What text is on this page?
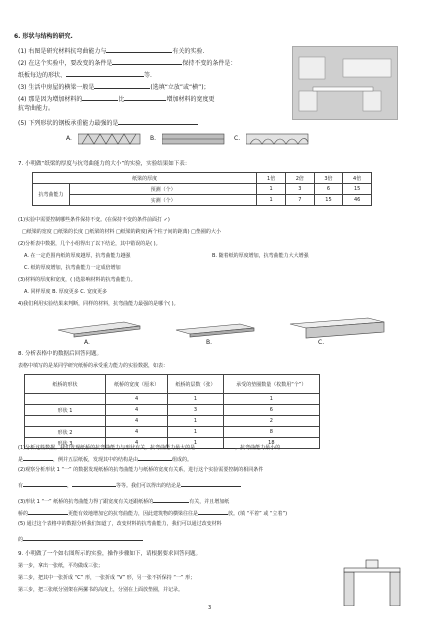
6. 形状与结构的研究.
(1) 右图是研究材料抗弯曲能力与	有关的实验.
(2) 在这个实验中，要改变的条件是	保持不变的条件是：
纸板每边的形状、	等.
(3) 生活中房屋的横梁一般是	(选填“立放”或“横”)；
(4) 那是因为增加材料的	比	增加材料的宽度更
抗弯曲能力。
(5) 下列形状的钢板承重能力最强的是
A.	B.	C.
7. 小明做“纸梁的厚度与抗弯曲能力的大小”的实验，实验结果如下表：
纸梁的厚度		1倍	2倍	3倍	4倍
抗弯曲能力	预测（个）	1	3	6	15
	实测（个）	1	7	15	46
(1)实验中需要控制哪些条件保持不变。(在保持不变的条件前面打 ✓)
□纸梁的宽度 □纸梁的长度 □纸梁的材料 □纸梁的跨度(两个柱子间的距离) □垫圈的大小
(2)分析表中数据，几个小组得出了以下结论，其中错误的是( )。
A. 在一定范围内纸的厚度越厚，抗弯曲能力越强	B. 随着纸的厚度增加，抗弯曲能力大大增强
C. 纸的厚度增加，抗弯曲能力一定成倍增加
(3)材料的厚度和宽度，( )选影响材料的抗弯曲能力。
A. 同样厚度 B. 厚度更多 C. 宽度更多
4)我们利用实验结果来判断，同样的材料，抗弯曲能力最强的是哪个( )。
A.	B.	C.
8. 分析表格中的数据后回答问题。
表格中填写的是某同学研究纸桥的承受重力能力的实验数据，如表：
纸桥的形状	纸桥的宽度（厘米）	纸桥的层数（张）	承受的垫圈数量（枚数用“个”）
	4	1	1
形状 1	4	3	6
	4	1	2
形状 2	4	1	8
形状 3	4	1	18
(1)分析这些数据，我们发现纸桥的抗弯曲能力与形状有关，抗弯曲能力最大的是	，抗弯曲能力最小的
是	，例并五层纸板，发现其中的结构是由	组成的。
(2)观察分析形状 1 “一” 的数据发现纸桥的抗弯曲能力与纸桥的宽度有关系，进行这个实验需要控制的相同条件
有	，	等等。我们可以得出的结论是
(3)形状 1 “一” 纸桥的抗弯曲能力得了跟宽度有关还跟纸桥的	有关，并且增加纸
桥的	更能有效地增加它的抗弯曲能力，因此建筑物的横梁往往是	放。(填 “平着” 或 “立着”)
(5) 通过这个表格中的数据分析我们知道了，改变材料的抗弯曲能力，我们可以通过改变材料
的
9. 小明做了一个如右图所示的实验，操作步骤如下，请根据要求回答问题。
第一步，拿出一张纸，平均做成三张；
第二步，把其中一张折成 “C” 形，一张折成 “V” 形，另一张不折保持 “一” 形；
第三步，把三张纸分别架在两摞书的高度上，分别在上面放垫圈，并记录。
3
